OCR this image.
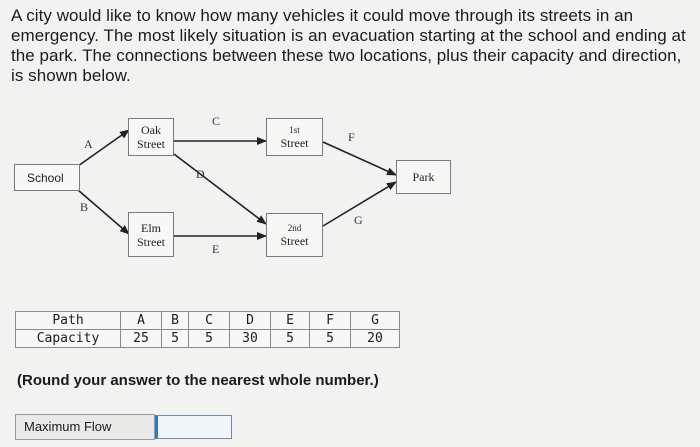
A city would like to know how many vehicles it could move through its streets in an emergency. The most likely situation is an evacuation starting at the school and ending at the park. The connections between these two locations, plus their capacity and direction, is shown below.
School
Oak
Street
Elm
Street
1st
Street
2nd
Street
Park
A
B
C
D
E
F
G
Path	A	B	C	D	E	F	G
Capacity	25	5	5	30	5	5	20
(Round your answer to the nearest whole number.)
Maximum Flow
